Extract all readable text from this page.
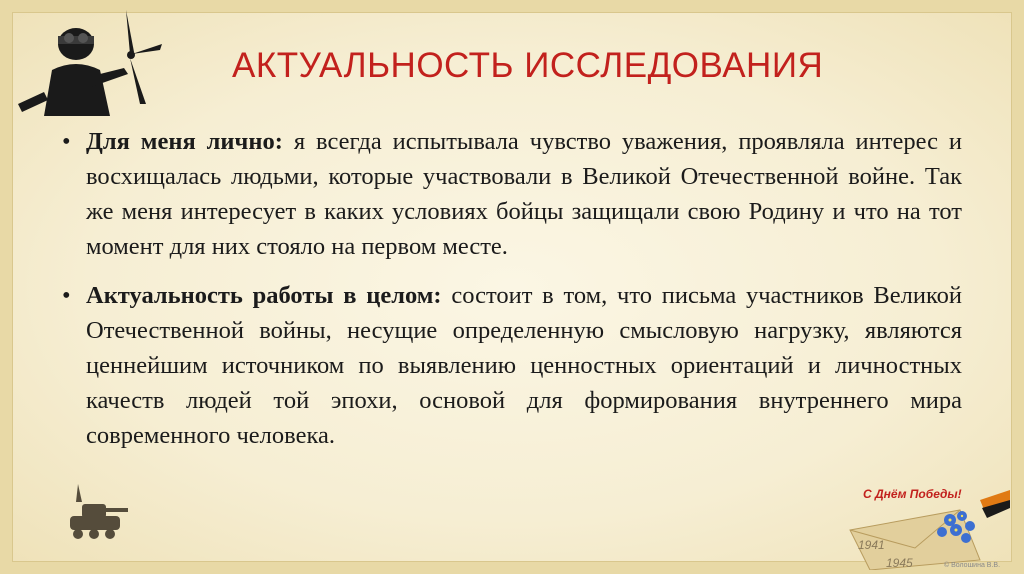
АКТУАЛЬНОСТЬ ИССЛЕДОВАНИЯ

• Для меня лично: я всегда испытывала чувство уважения, проявляла интерес и восхищалась людьми, которые участвовали в Великой Отечественной войне. Так же меня интересует в каких условиях бойцы защищали свою Родину и что на тот момент для них стояло на первом месте.

• Актуальность работы в целом: состоит в том, что письма участников Великой Отечественной войны, несущие определенную смысловую нагрузку, являются ценнейшим источником по выявлению ценностных ориентаций и личностных качеств людей той эпохи, основой для формирования внутреннего мира современного человека.

С Днём Победы!
1941
1945	© Волошина В.В.
